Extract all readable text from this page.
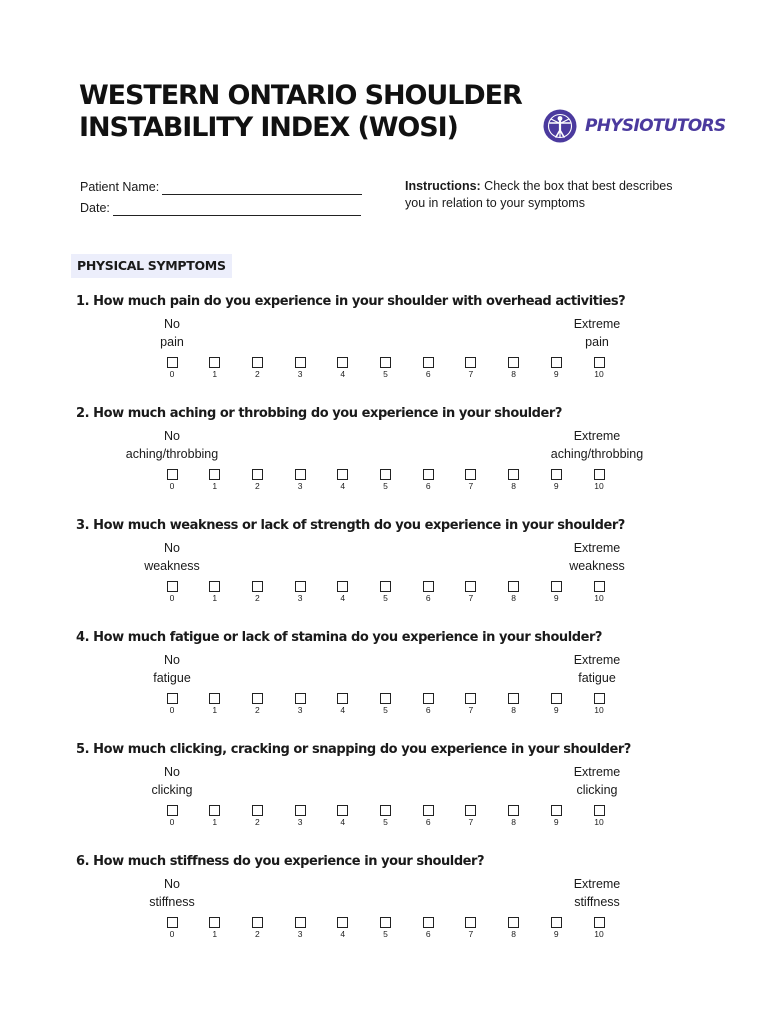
WESTERN ONTARIO SHOULDER
INSTABILITY INDEX (WOSI)	PHYSIOTUTORS
Patient Name:
Date:
Instructions: Check the box that best describes you in relation to your symptoms
PHYSICAL SYMPTOMS

1. How much pain do you experience in your shoulder with overhead activities?

No
pain
Extreme
pain
0	1	2	3	4	5	6	7	8	9	10

2. How much aching or throbbing do you experience in your shoulder?

No
aching/throbbing
Extreme
aching/throbbing
0	1	2	3	4	5	6	7	8	9	10

3. How much weakness or lack of strength do you experience in your shoulder?

No
weakness
Extreme
weakness
0	1	2	3	4	5	6	7	8	9	10

4. How much fatigue or lack of stamina do you experience in your shoulder?

No
fatigue
Extreme
fatigue
0	1	2	3	4	5	6	7	8	9	10

5. How much clicking, cracking or snapping do you experience in your shoulder?

No
clicking
Extreme
clicking
0	1	2	3	4	5	6	7	8	9	10

6. How much stiffness do you experience in your shoulder?

No
stiffness
Extreme
stiffness
0	1	2	3	4	5	6	7	8	9	10
